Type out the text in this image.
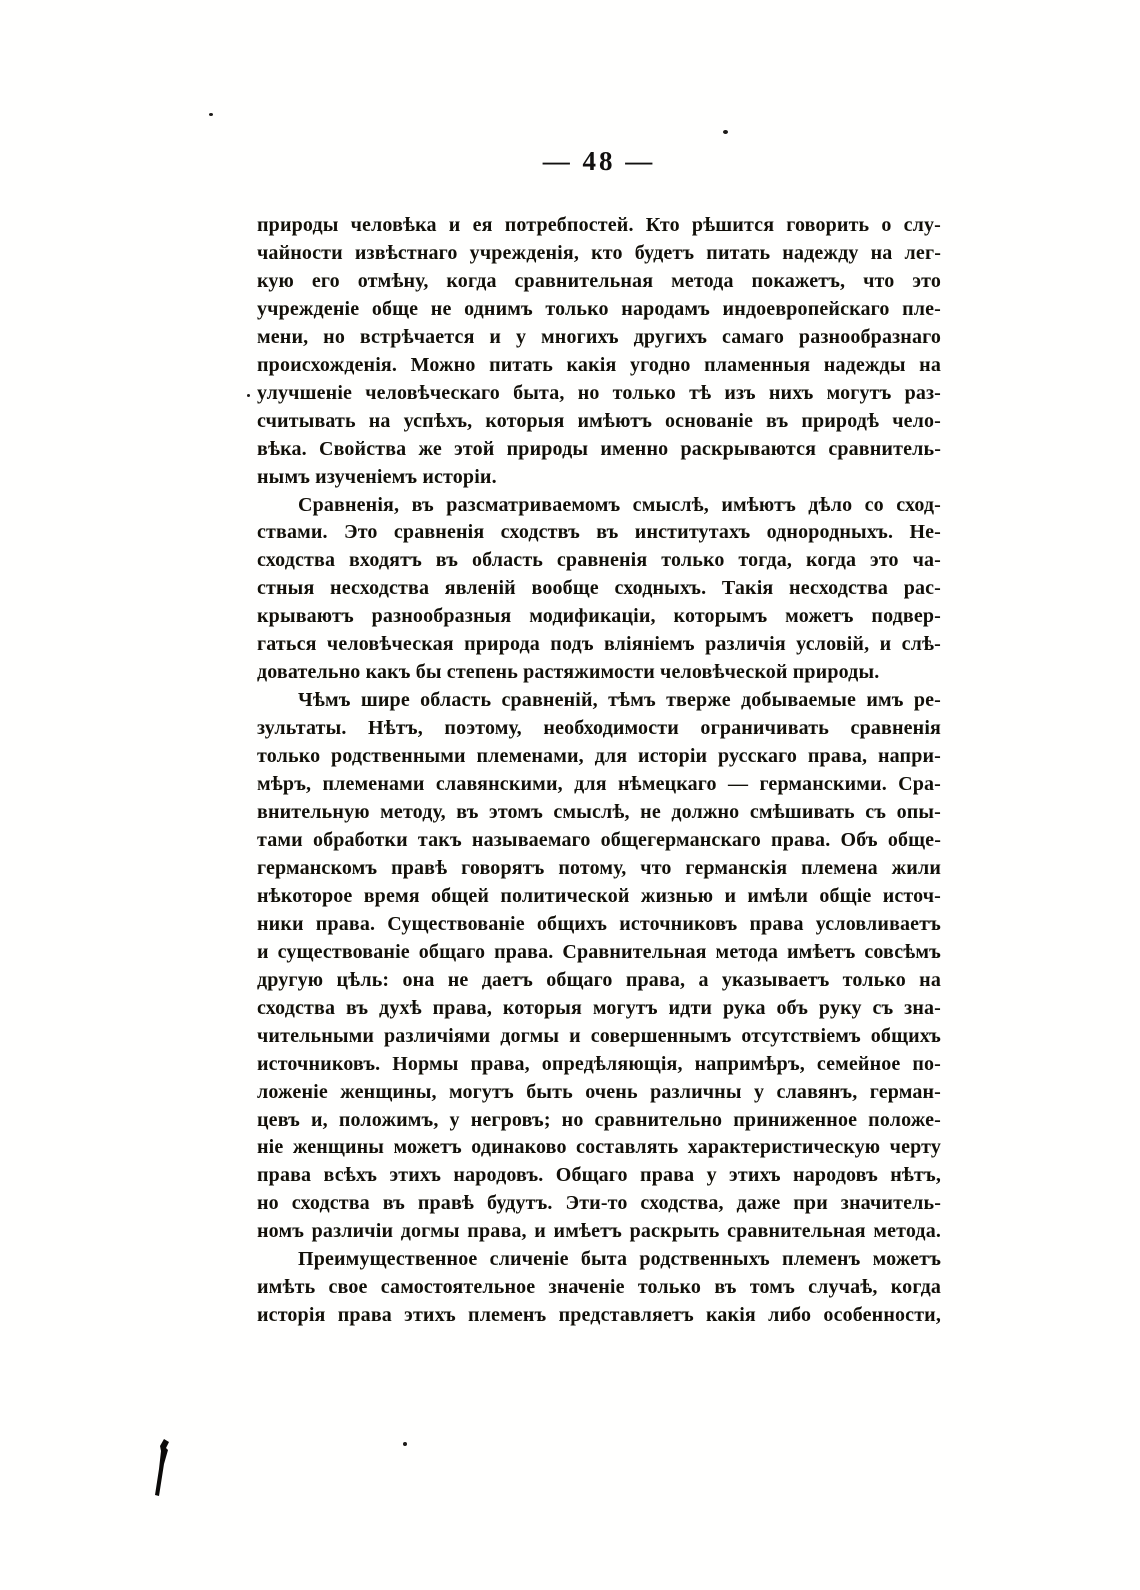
— 48 —
природы человѣка и ея потребпостей. Кто рѣшится говорить о слу-
чайности извѣстнаго учрежденія, кто будетъ питать надежду на лег-
кую его отмѣну, когда сравнительная метода покажетъ, что это
учрежденіе обще не однимъ только народамъ индоевропейскаго пле-
мени, но встрѣчается и у многихъ другихъ самаго разнообразнаго
происхожденія. Можно питать какія угодно пламенныя надежды на
улучшеніе человѣческаго быта, но только тѣ изъ нихъ могутъ раз-
считывать на успѣхъ, которыя имѣютъ основаніе въ природѣ чело-
вѣка. Свойства же этой природы именно раскрываются сравнитель-
нымъ изученіемъ исторіи.
Сравненія, въ разсматриваемомъ смыслѣ, имѣютъ дѣло со сход-
ствами. Это сравненія сходствъ въ институтахъ однородныхъ. Не-
сходства входятъ въ область сравненія только тогда, когда это ча-
стныя несходства явленій вообще сходныхъ. Такія несходства рас-
крываютъ разнообразныя модификаціи, которымъ можетъ подвер-
гаться человѣческая природа подъ вліяніемъ различія условій, и слѣ-
довательно какъ бы степень растяжимости человѣческой природы.
Чѣмъ шире область сравненій, тѣмъ тверже добываемые имъ ре-
зультаты. Нѣтъ, поэтому, необходимости ограничивать сравненія
только родственными племенами, для исторіи русскаго права, напри-
мѣръ, племенами славянскими, для нѣмецкаго — германскими. Сра-
внительную методу, въ этомъ смыслѣ, не должно смѣшивать съ опы-
тами обработки такъ называемаго общегерманскаго права. Объ обще-
германскомъ правѣ говорятъ потому, что германскія племена жили
нѣкоторое время общей политической жизнью и имѣли общіе источ-
ники права. Существованіе общихъ источниковъ права условливаетъ
и существованіе общаго права. Сравнительная метода имѣетъ совсѣмъ
другую цѣль: она не даетъ общаго права, а указываетъ только на
сходства въ духѣ права, которыя могутъ идти рука объ руку съ зна-
чительными различіями догмы и совершеннымъ отсутствіемъ общихъ
источниковъ. Нормы права, опредѣляющія, напримѣръ, семейное по-
ложеніе женщины, могутъ быть очень различны у славянъ, герман-
цевъ и, положимъ, у негровъ; но сравнительно приниженное положе-
ніе женщины можетъ одинаково составлять характеристическую черту
права всѣхъ этихъ народовъ. Общаго права у этихъ народовъ нѣтъ,
но сходства въ правѣ будутъ. Эти-то сходства, даже при значитель-
номъ различіи догмы права, и имѣетъ раскрыть сравнительная метода.
Преимущественное сличеніе быта родственныхъ племенъ можетъ
имѣть свое самостоятельное значеніе только въ томъ случаѣ, когда
исторія права этихъ племенъ представляетъ какія либо особенности,
